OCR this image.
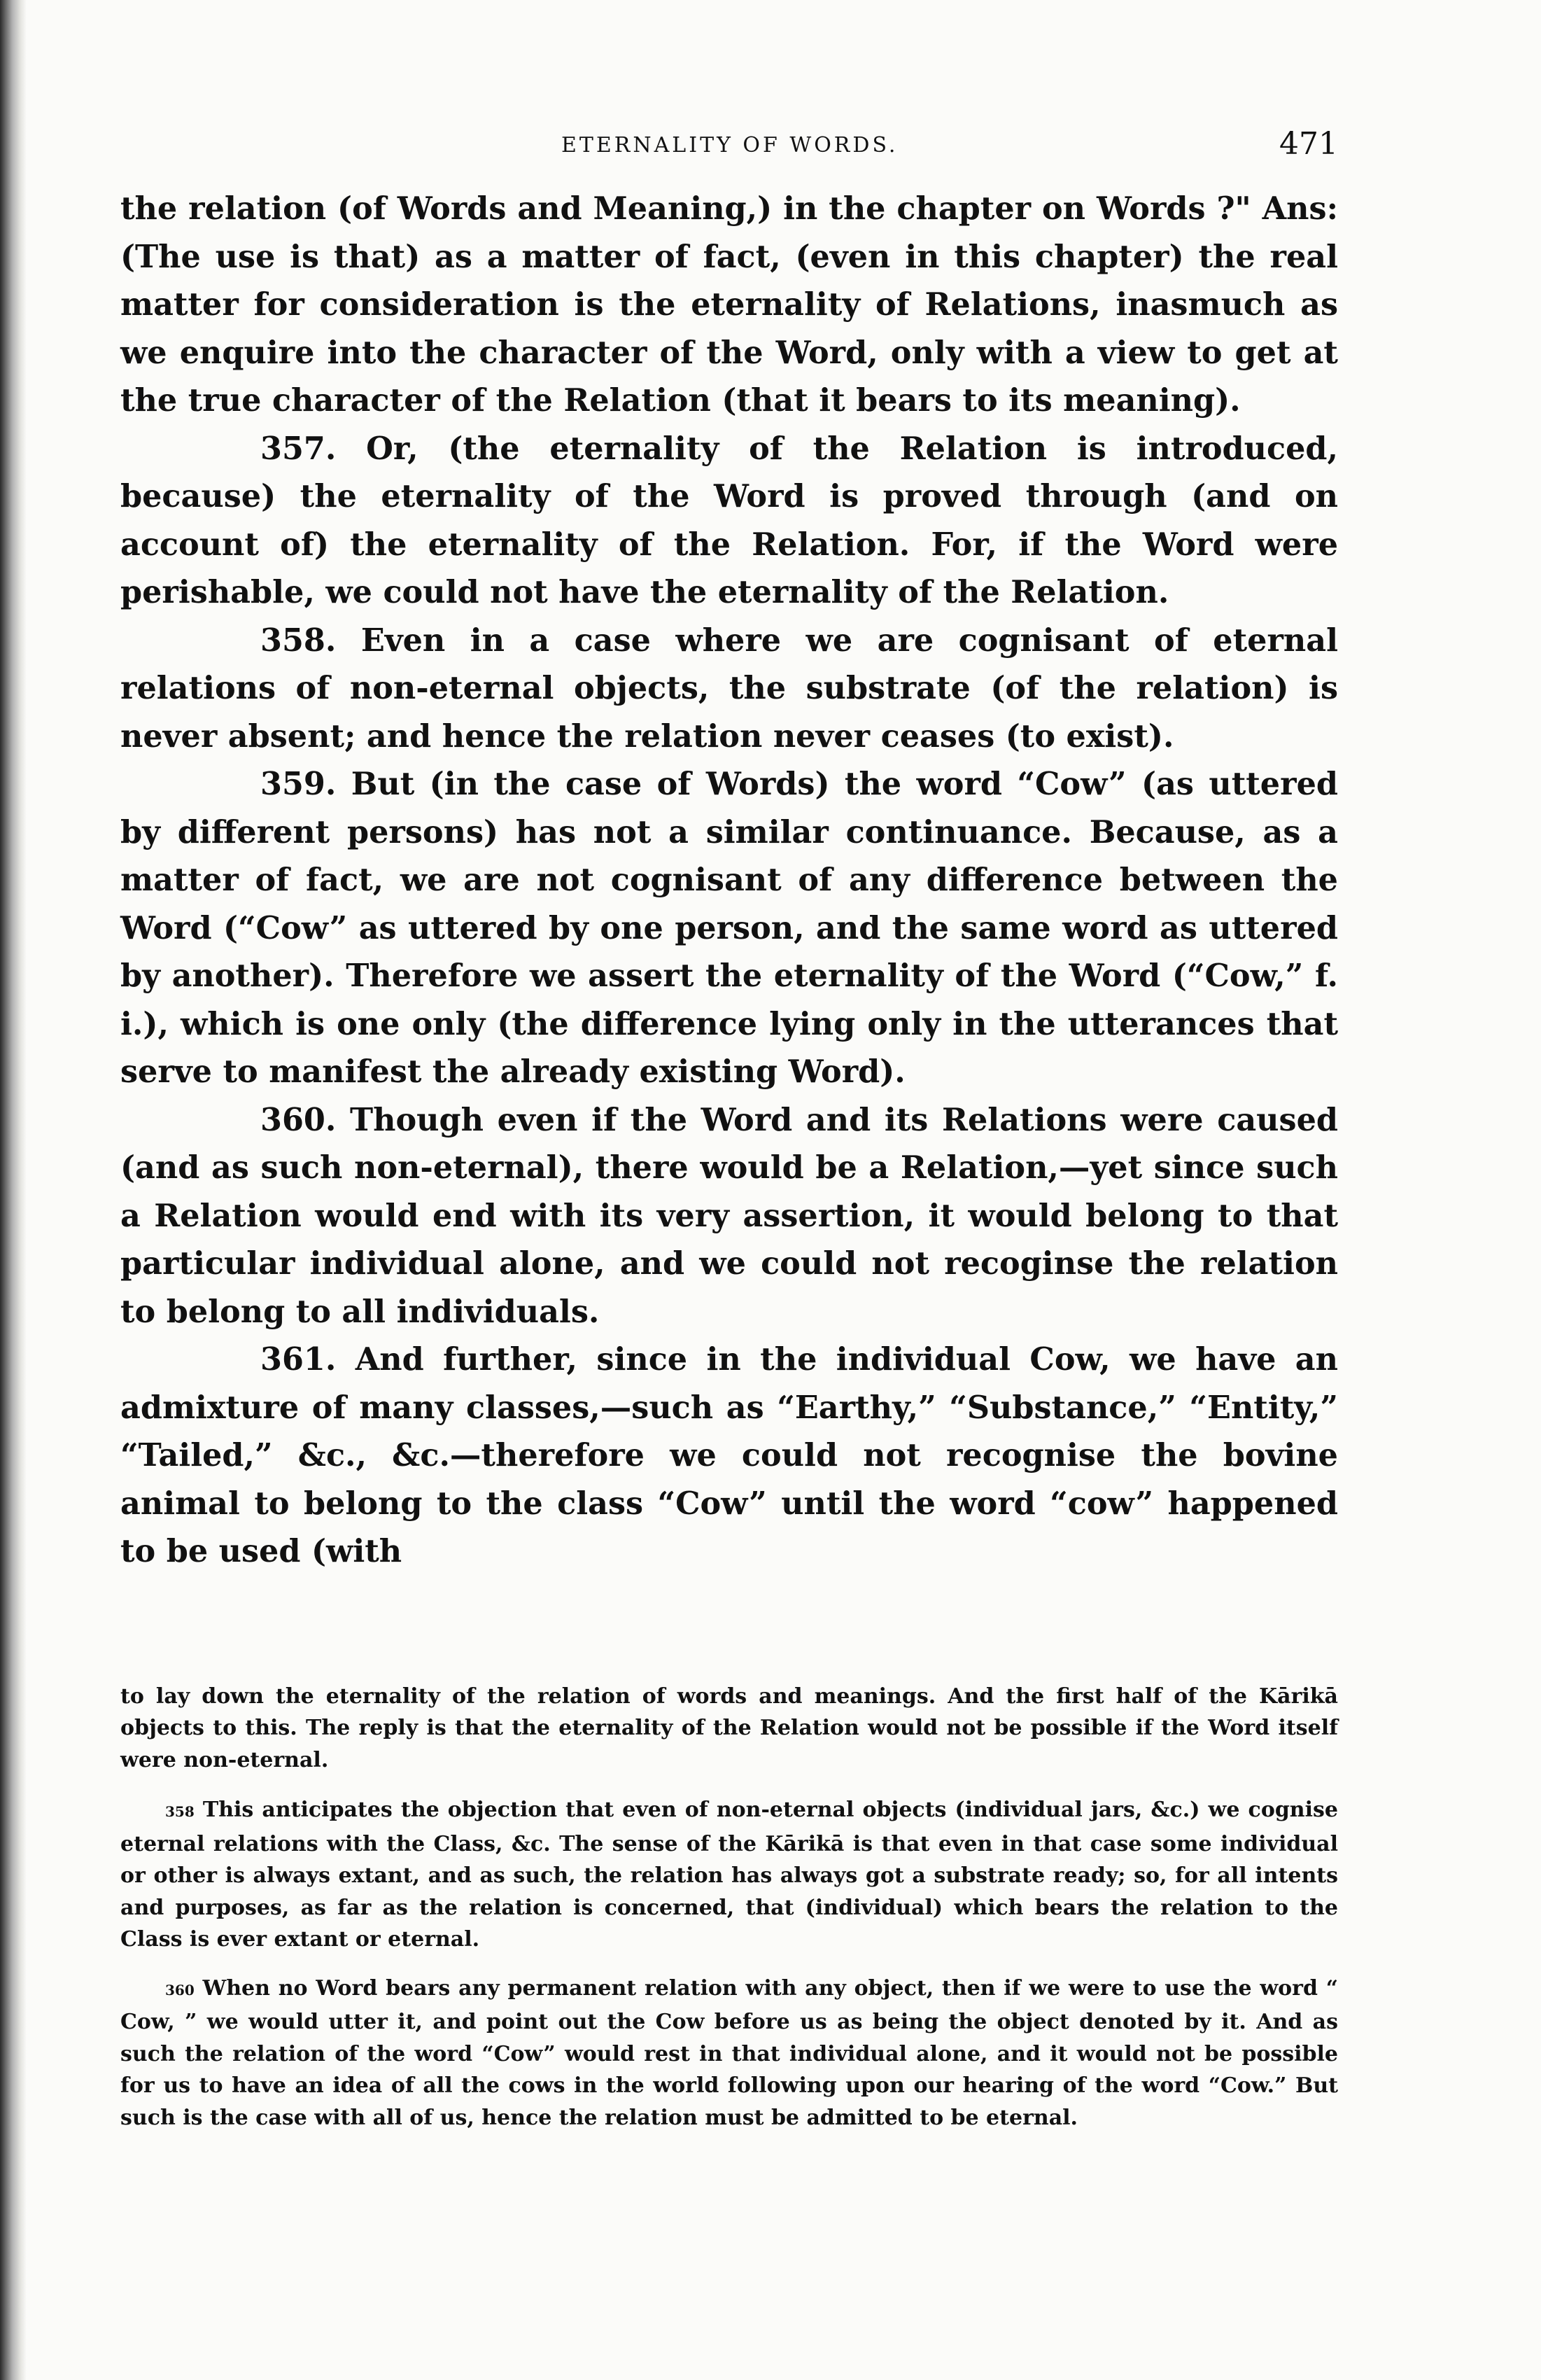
ETERNALITY OF WORDS.	471

the relation (of Words and Meaning,) in the chapter on Words ?" Ans: (The use is that) as a matter of fact, (even in this chapter) the real matter for consideration is the eternality of Relations, inasmuch as we enquire into the character of the Word, only with a view to get at the true character of the Relation (that it bears to its meaning).

357. Or, (the eternality of the Relation is introduced, because) the eternality of the Word is proved through (and on account of) the eternality of the Relation. For, if the Word were perishable, we could not have the eternality of the Relation.

358. Even in a case where we are cognisant of eternal relations of non-eternal objects, the substrate (of the relation) is never absent; and hence the relation never ceases (to exist).

359. But (in the case of Words) the word “Cow” (as uttered by different persons) has not a similar continuance. Because, as a matter of fact, we are not cognisant of any difference between the Word (“Cow” as uttered by one person, and the same word as uttered by another). Therefore we assert the eternality of the Word (“Cow,” f. i.), which is one only (the difference lying only in the utterances that serve to manifest the already existing Word).

360. Though even if the Word and its Relations were caused (and as such non-eternal), there would be a Relation,—yet since such a Relation would end with its very assertion, it would belong to that particular individual alone, and we could not recoginse the relation to belong to all individuals.

361. And further, since in the individual Cow, we have an admixture of many classes,—such as “Earthy,” “Substance,” “Entity,” “Tailed,” &c., &c.—therefore we could not recognise the bovine animal to belong to the class “Cow” until the word “cow” happened to be used (with

to lay down the eternality of the relation of words and meanings. And the first half of the Kārikā objects to this. The reply is that the eternality of the Relation would not be possible if the Word itself were non-eternal.

358 This anticipates the objection that even of non-eternal objects (individual jars, &c.) we cognise eternal relations with the Class, &c. The sense of the Kārikā is that even in that case some individual or other is always extant, and as such, the relation has always got a substrate ready; so, for all intents and purposes, as far as the relation is concerned, that (individual) which bears the relation to the Class is ever extant or eternal.

360 When no Word bears any permanent relation with any object, then if we were to use the word “ Cow, ” we would utter it, and point out the Cow before us as being the object denoted by it. And as such the relation of the word “Cow” would rest in that individual alone, and it would not be possible for us to have an idea of all the cows in the world following upon our hearing of the word “Cow.” But such is the case with all of us, hence the relation must be admitted to be eternal.
